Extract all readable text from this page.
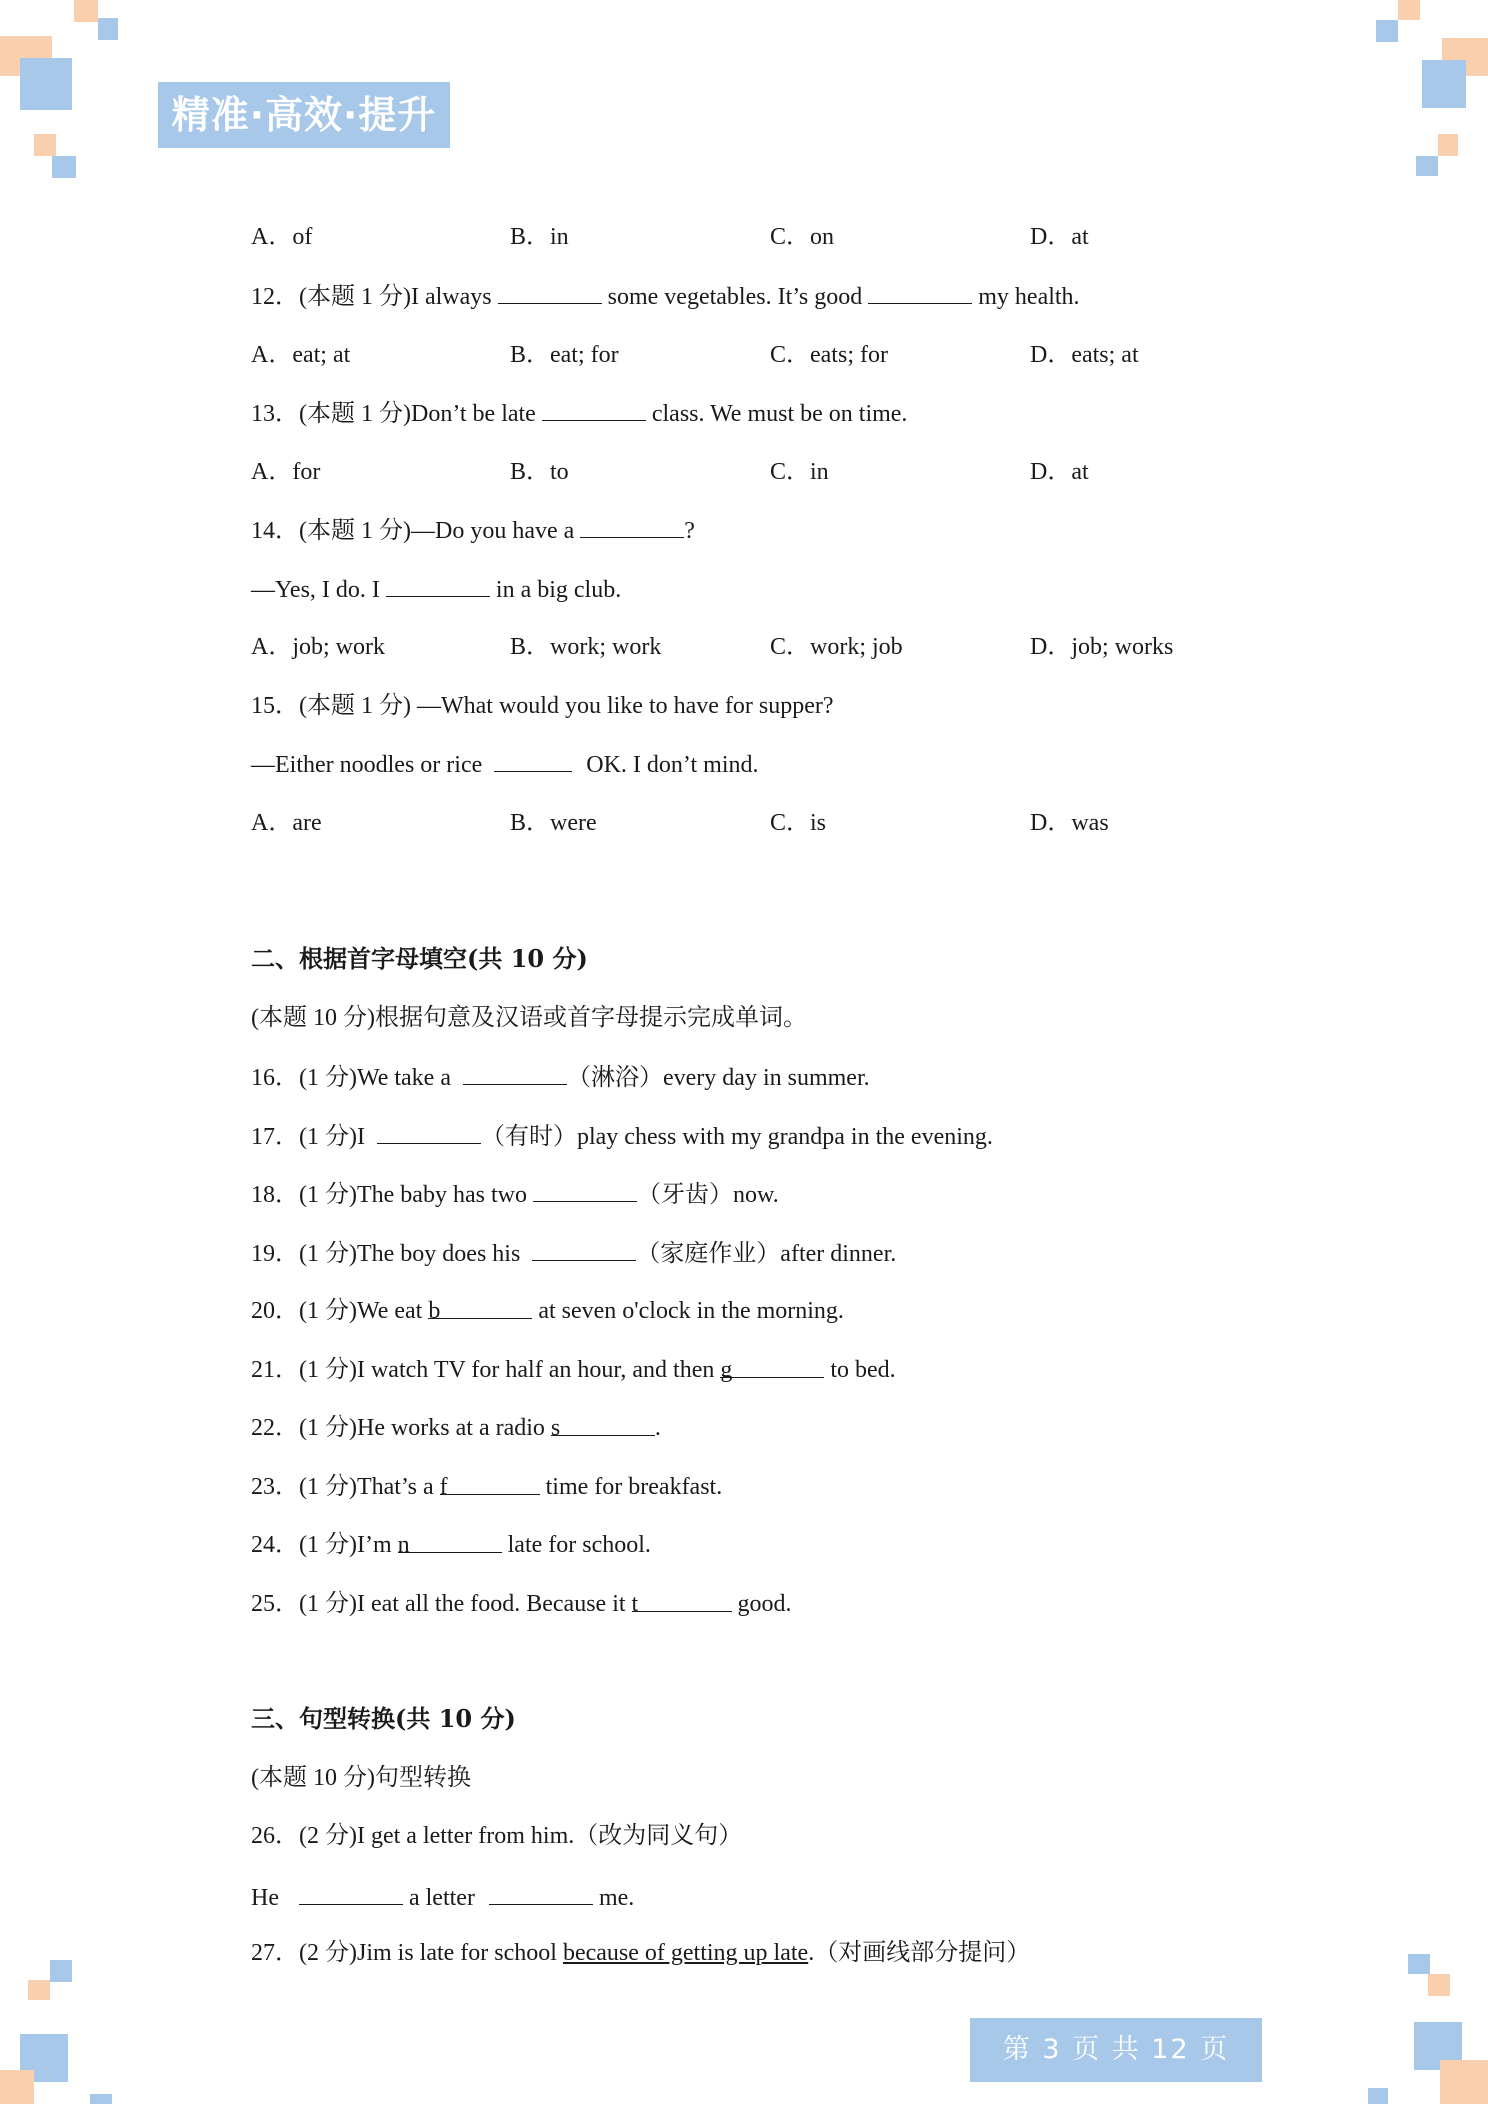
精准·高效·提升
A．of	B．in	C．on	D．at
12．(本题 1 分)I always	some vegetables. It’s good	my health.
A．eat; at	B．eat; for	C．eats; for	D．eats; at
13．(本题 1 分)Don’t be late	class. We must be on time.
A．for	B．to	C．in	D．at
14．(本题 1 分)—Do you have a	?
—Yes, I do. I	in a big club.
A．job; work	B．work; work	C．work; job	D．job; works
15．(本题 1 分) —What would you like to have for supper?
—Either noodles or rice	OK. I don’t mind.
A．are	B．were	C．is	D．was
二、根据首字母填空(共 10 分)
(本题 10 分)根据句意及汉语或首字母提示完成单词。
16．(1 分)We take a	（淋浴）every day in summer.
17．(1 分)I	（有时）play chess with my grandpa in the evening.
18．(1 分)The baby has two	（牙齿）now.
19．(1 分)The boy does his	（家庭作业）after dinner.
20．(1 分)We eat b	at seven o'clock in the morning.
21．(1 分)I watch TV for half an hour, and then g	to bed.
22．(1 分)He works at a radio s	.
23．(1 分)That’s a f	time for breakfast.
24．(1 分)I’m n	late for school.
25．(1 分)I eat all the food. Because it t	good.
三、句型转换(共 10 分)
(本题 10 分)句型转换
26．(2 分)I get a letter from him.（改为同义句）
He	a letter	me.
27．(2 分)Jim is late for school because of getting up late.（对画线部分提问）
第 3 页 共 12 页
